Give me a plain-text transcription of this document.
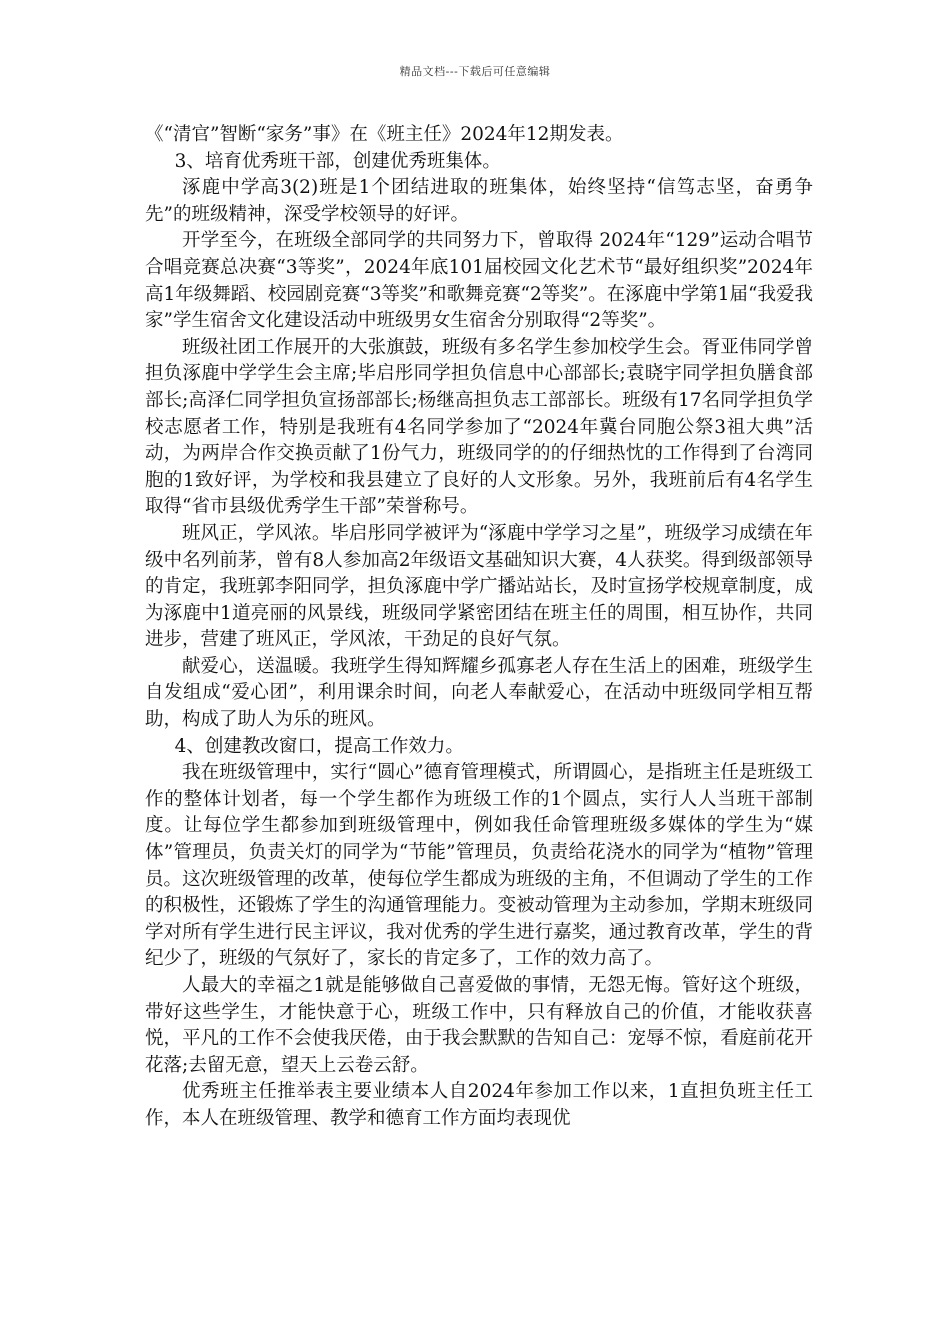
精品文档---下载后可任意编辑

《“清官”智断“家务”事》在《班主任》2024年12期发表。

3、培育优秀班干部，创建优秀班集体。

涿鹿中学高3(2)班是1个团结进取的班集体，始终坚持“信笃志坚，奋勇争先”的班级精神，深受学校领导的好评。

开学至今，在班级全部同学的共同努力下，曾取得 2024年“129”运动合唱节合唱竞赛总决赛“3等奖”，2024年底101届校园文化艺术节“最好组织奖”2024年高1年级舞蹈、校园剧竞赛“3等奖”和歌舞竞赛“2等奖”。在涿鹿中学第1届“我爱我家”学生宿舍文化建设活动中班级男女生宿舍分别取得“2等奖”。

班级社团工作展开的大张旗鼓，班级有多名学生参加校学生会。胥亚伟同学曾担负涿鹿中学学生会主席;毕启彤同学担负信息中心部部长;袁晓宇同学担负膳食部部长;高泽仁同学担负宣扬部部长;杨继高担负志工部部长。班级有17名同学担负学校志愿者工作，特别是我班有4名同学参加了“2024年冀台同胞公祭3祖大典”活动，为两岸合作交换贡献了1份气力，班级同学的的仔细热忱的工作得到了台湾同胞的1致好评，为学校和我县建立了良好的人文形象。另外，我班前后有4名学生取得“省市县级优秀学生干部”荣誉称号。

班风正，学风浓。毕启彤同学被评为“涿鹿中学学习之星”，班级学习成绩在年级中名列前茅，曾有8人参加高2年级语文基础知识大赛，4人获奖。得到级部领导的肯定，我班郭李阳同学，担负涿鹿中学广播站站长，及时宣扬学校规章制度，成为涿鹿中1道亮丽的风景线，班级同学紧密团结在班主任的周围，相互协作，共同进步，营建了班风正，学风浓，干劲足的良好气氛。

献爱心，送温暖。我班学生得知辉耀乡孤寡老人存在生活上的困难，班级学生自发组成“爱心团”，利用课余时间，向老人奉献爱心，在活动中班级同学相互帮助，构成了助人为乐的班风。

4、创建教改窗口，提高工作效力。

我在班级管理中，实行“圆心”德育管理模式，所谓圆心，是指班主任是班级工作的整体计划者，每一个学生都作为班级工作的1个圆点，实行人人当班干部制度。让每位学生都参加到班级管理中，例如我任命管理班级多媒体的学生为“媒体”管理员，负责关灯的同学为“节能”管理员，负责给花浇水的同学为“植物”管理员。这次班级管理的改革，使每位学生都成为班级的主角，不但调动了学生的工作的积极性，还锻炼了学生的沟通管理能力。变被动管理为主动参加，学期末班级同学对所有学生进行民主评议，我对优秀的学生进行嘉奖，通过教育改革，学生的背纪少了，班级的气氛好了，家长的肯定多了，工作的效力高了。

人最大的幸福之1就是能够做自己喜爱做的事情，无怨无悔。管好这个班级，带好这些学生，才能快意于心，班级工作中，只有释放自己的价值，才能收获喜悦，平凡的工作不会使我厌倦，由于我会默默的告知自己：宠辱不惊，看庭前花开花落;去留无意，望天上云卷云舒。

优秀班主任推举表主要业绩本人自2024年参加工作以来，1直担负班主任工作，本人在班级管理、教学和德育工作方面均表现优
